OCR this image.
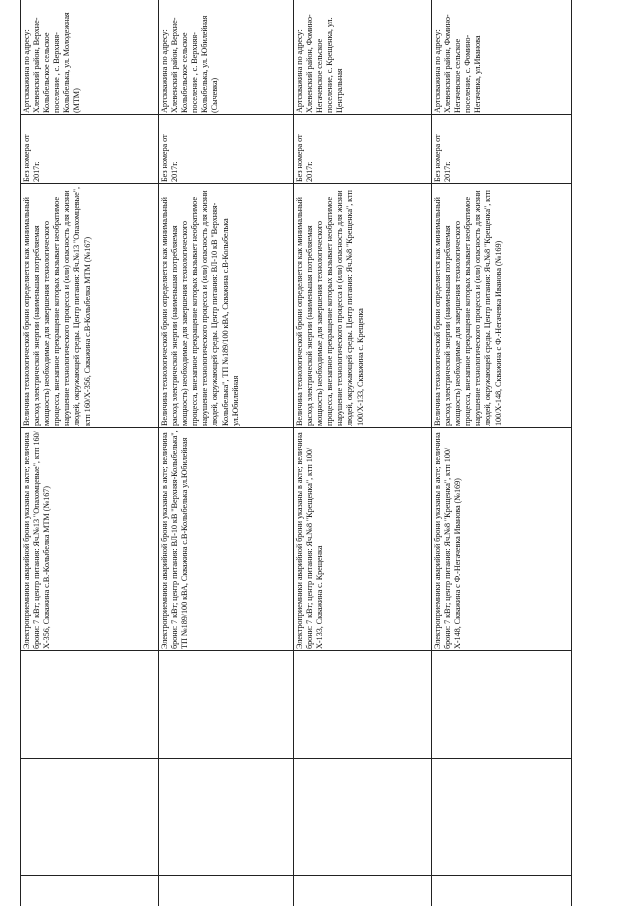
Артскважина по адресу: Хлевенский район, Верхне-Колыбельское сельское поселение , с. Верхняя-Колыбелька, ул. Молодежная (МТМ)
Без номера от 2017г.
Величина технологической брони определяется как минимальный расход электрической энергии (наименьшая потребляемая мощность) необходимые для завершения технологического процесса, внезапное прекращение которых вызывает необратимое нарушение технологического процесса и (или) опасность для жизни людей, окружающей среды. Центр питания: Яч.№13 "Опахомцевые", ктп 160/Х-356, Скважина с.В-Колыбелка МТМ (№167)
Электроприемники аварийной брони указаны в акте; величина брони: 7 кВт; центр питания: Яч.№13 "Опахомцевые", ктп 160/Х-356, Скважина с.В.-Колыбелка МТМ (№167)
Артскважина по адресу: Хлевенский район, Верхне-Колыбельское сельское поселение , с. Верхняя-Колыбелька, ул. Юбилейная (Сычевка)
Без номера от 2017г.
Величина технологической брони определяется как минимальный расход электрической энергии (наименьшая потребляемая мощность) необходимые для завершения технологического процесса, внезапное прекращение которых вызывает необратимое нарушение технологического процесса и (или) опасность для жизни людей, окружающей среды. Центр питания: ВЛ-10 кВ "Верхняя-Колыбелька", ТП №189/100 кВА, Скважина с.В-Колыбелька ул.Юбилейная
Электроприемники аварийной брони указаны в акте; величина брони: 7 кВт; центр питания: ВЛ-10 кВ "Верхняя-Колыбелька", ТП №189/100 кВА, Скважина с.В-Колыбелька ул.Юбилейная
Артскважина по адресу: Хлевенский район, Фомино-Негачевское сельское поселение, с. Крещенка, ул. Центральная
Без номера от 2017г.
Величина технологической брони определяется как минимальный расход электрической энергии (наименьшая потребляемая мощность) необходимые для завершения технологического процесса, внезапное прекращение которых вызывает необратимое нарушение технологического процесса и (или) опасность для жизни людей, окружающей среды. Центр питания: Яч.№8 "Крещенка", ктп 100/Х-133, Скважина с. Крещенка
Электроприемники аварийной брони указаны в акте; величина брони: 7 кВт; центр питания: Яч.№8 "Крещенка", ктп 100/Х-133, Скважина с. Крещенка
Артскважина по адресу: Хлевенский район, Фомино-Негачевское сельское поселение, с. Фомино-Негачевка, ул.Иванова
Без номера от 2017г.
Величина технологической брони определяется как минимальный расход электрической энергии (наименьшая потребляемая мощность) необходимые для завершения технологического процесса, внезапное прекращение которых вызывает необратимое нарушение технологического процесса и (или) опасность для жизни людей, окружающей среды. Центр питания: Яч.№8 "Крещенка", ктп 100/Х-148, Скважина с Ф.-Негачевка Иванова (№169)
Электроприемники аварийной брони указаны в акте; величина брони: 7 кВт; центр питания: Яч.№8 "Крещенка", ктп 100/Х-148, Скважина с Ф.-Негачевка Иванова (№169)
